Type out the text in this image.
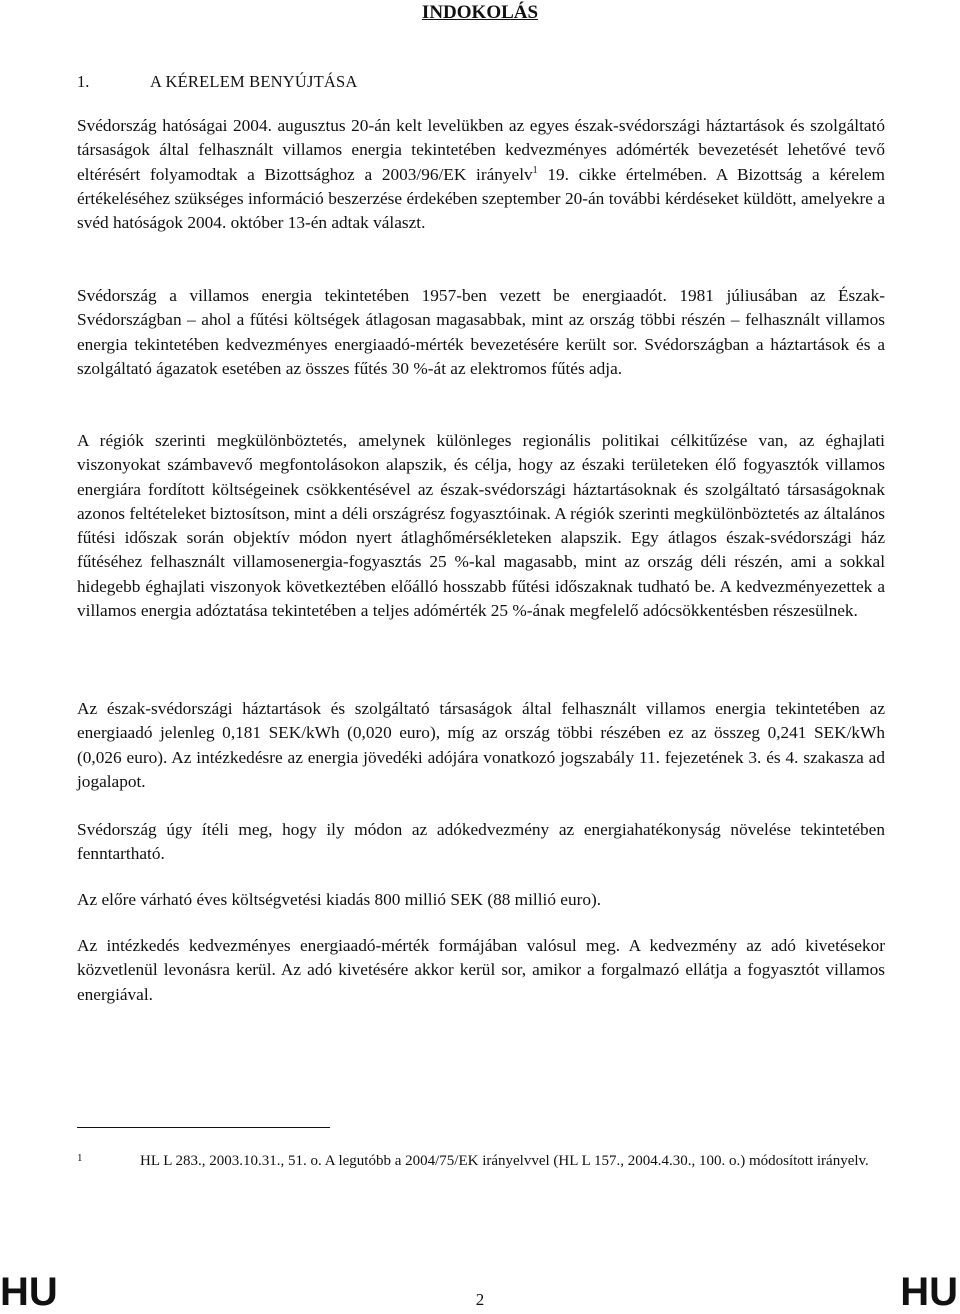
INDOKOLÁS
1.	A KÉRELEM BENYÚJTÁSA

Svédország hatóságai 2004. augusztus 20-án kelt levelükben az egyes észak-svédországi háztartások és szolgáltató társaságok által felhasznált villamos energia tekintetében kedvezményes adómérték bevezetését lehetővé tevő eltérésért folyamodtak a Bizottsághoz a 2003/96/EK irányelv$^1$ 19. cikke értelmében. A Bizottság a kérelem értékeléséhez szükséges információ beszerzése érdekében szeptember 20-án további kérdéseket küldött, amelyekre a svéd hatóságok 2004. október 13-én adtak választ.

Svédország a villamos energia tekintetében 1957-ben vezett be energiaadót. 1981 júliusában az Észak-Svédországban – ahol a fűtési költségek átlagosan magasabbak, mint az ország többi részén – felhasznált villamos energia tekintetében kedvezményes energiaadó-mérték bevezetésére került sor. Svédországban a háztartások és a szolgáltató ágazatok esetében az összes fűtés 30 %-át az elektromos fűtés adja.

A régiók szerinti megkülönböztetés, amelynek különleges regionális politikai célkitűzése van, az éghajlati viszonyokat számbavevő megfontolásokon alapszik, és célja, hogy az északi területeken élő fogyasztók villamos energiára fordított költségeinek csökkentésével az észak-svédországi háztartásoknak és szolgáltató társaságoknak azonos feltételeket biztosítson, mint a déli országrész fogyasztóinak. A régiók szerinti megkülönböztetés az általános fűtési időszak során objektív módon nyert átlaghőmérsékleteken alapszik. Egy átlagos észak-svédországi ház fűtéséhez felhasznált villamosenergia-fogyasztás 25 %-kal magasabb, mint az ország déli részén, ami a sokkal hidegebb éghajlati viszonyok következtében előálló hosszabb fűtési időszaknak tudható be. A kedvezményezettek a villamos energia adóztatása tekintetében a teljes adómérték 25 %-ának megfelelő adócsökkentésben részesülnek.

Az észak-svédországi háztartások és szolgáltató társaságok által felhasznált villamos energia tekintetében az energiaadó jelenleg 0,181 SEK/kWh (0,020 euro), míg az ország többi részében ez az összeg 0,241 SEK/kWh (0,026 euro). Az intézkedésre az energia jövedéki adójára vonatkozó jogszabály 11. fejezetének 3. és 4. szakasza ad jogalapot.

Svédország úgy ítéli meg, hogy ily módon az adókedvezmény az energiahatékonyság növelése tekintetében fenntartható.

Az előre várható éves költségvetési kiadás 800 millió SEK (88 millió euro).

Az intézkedés kedvezményes energiaadó-mérték formájában valósul meg. A kedvezmény az adó kivetésekor közvetlenül levonásra kerül. Az adó kivetésére akkor kerül sor, amikor a forgalmazó ellátja a fogyasztót villamos energiával.

1	HL L 283., 2003.10.31., 51. o. A legutóbb a 2004/75/EK irányelvvel (HL L 157., 2004.4.30., 100. o.) módosított irányelv.
HU	2	HU
